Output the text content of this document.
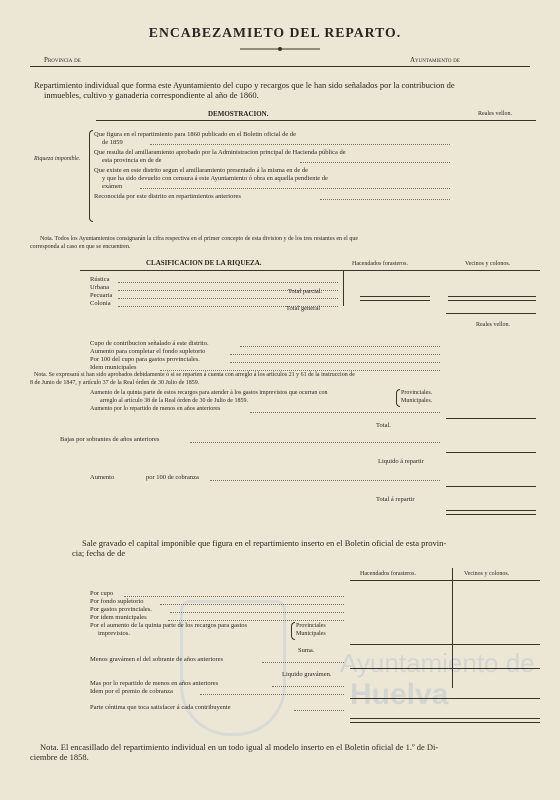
Ayuntamiento de
Huelva
ENCABEZAMIETO DEL REPARTO.
Provincia de	Ayuntamiento de
Repartimiento individual que forma este Ayuntamiento del cupo y recargos que le han sido señalados por la contribucion de
inmuebles, cultivo y ganaderia correspondiente al año de 1860.
DEMOSTRACION.	Reales vellon.
Riqueza imponible.
Que figura en el repartimiento para 1860 publicado en el Boletin oficial de de
de 1859
Que resulta del amillaramiento aprobado por la Administracion principal de Hacienda pública de
esta provincia en de de
Que existe en este distrito segun el amillaramiento presentado á la misma en de de
y que ha sido devuelto con censura á este Ayuntamiento ó obra en aquella pendiente de
exámen
Reconocida por este distrito en repartimientos anteriores
Nota. Todos los Ayuntamientos consignarán la cifra respectiva en el primer concepto de esta division y de los tres restantes en el que
corresponda al caso en que se encuentren.
CLASIFICACION DE LA RIQUEZA.	Hacendados forasteros.	Vecinos y colonos.
Rústica
Urbana
Pecuaria
Colonia
Total parcial.
Total general
Reales vellon.
Cupo de contribucion señalado á este distrito.
Aumento para completar el fondo supletorio
Por 100 del cupo para gastos provinciales.
Idem municipales
Nota. Se expresará si han sido aprobados debidamente ó si se reparten á cuenta con arreglo á los artículos 21 y 61 de la instruccion de
8 de Junio de 1847, y artículo 37 de la Real órden de 30 Julio de 1859.
Aumento de la quinta parte de estos recargos para atender á los gastos imprevistos que ocurran con
arreglo al artículo 38 de la Real órden de 30 de Julio de 1859.
Provinciales.
Municipales.
Aumento por lo repartido de menos en años anteriores
Total.
Bajas por sobrantes de años anteriores
Liquido á repartir
Aumento	por 100 de cobranza
Total á repartir
Sale gravado el capital imponible que figura en el repartimiento inserto en el Boletin oficial de esta provin-
cia; fecha de de
Hacendados forasteros.	Vecinos y colonos.
Por cupo
Por fondo supletorio
Por gastos provinciales.
Por idem municipales
Por el aumento de la quinta parte de los recargos para gastos
imprevistos.
Provinciales
Municipales
Suma.
Menos gravámen el del sobrante de años anteriores
Liquido gravámen.
Mas por lo repartido de menos en años anteriores
Idem por el premio de cobranza
Parte céntima que toca satisfacer á cada contribuyente
Nota. El encasillado del repartimiento individual en un todo igual al modelo inserto en el Boletin oficial de 1.º de Di-
ciembre de 1858.
